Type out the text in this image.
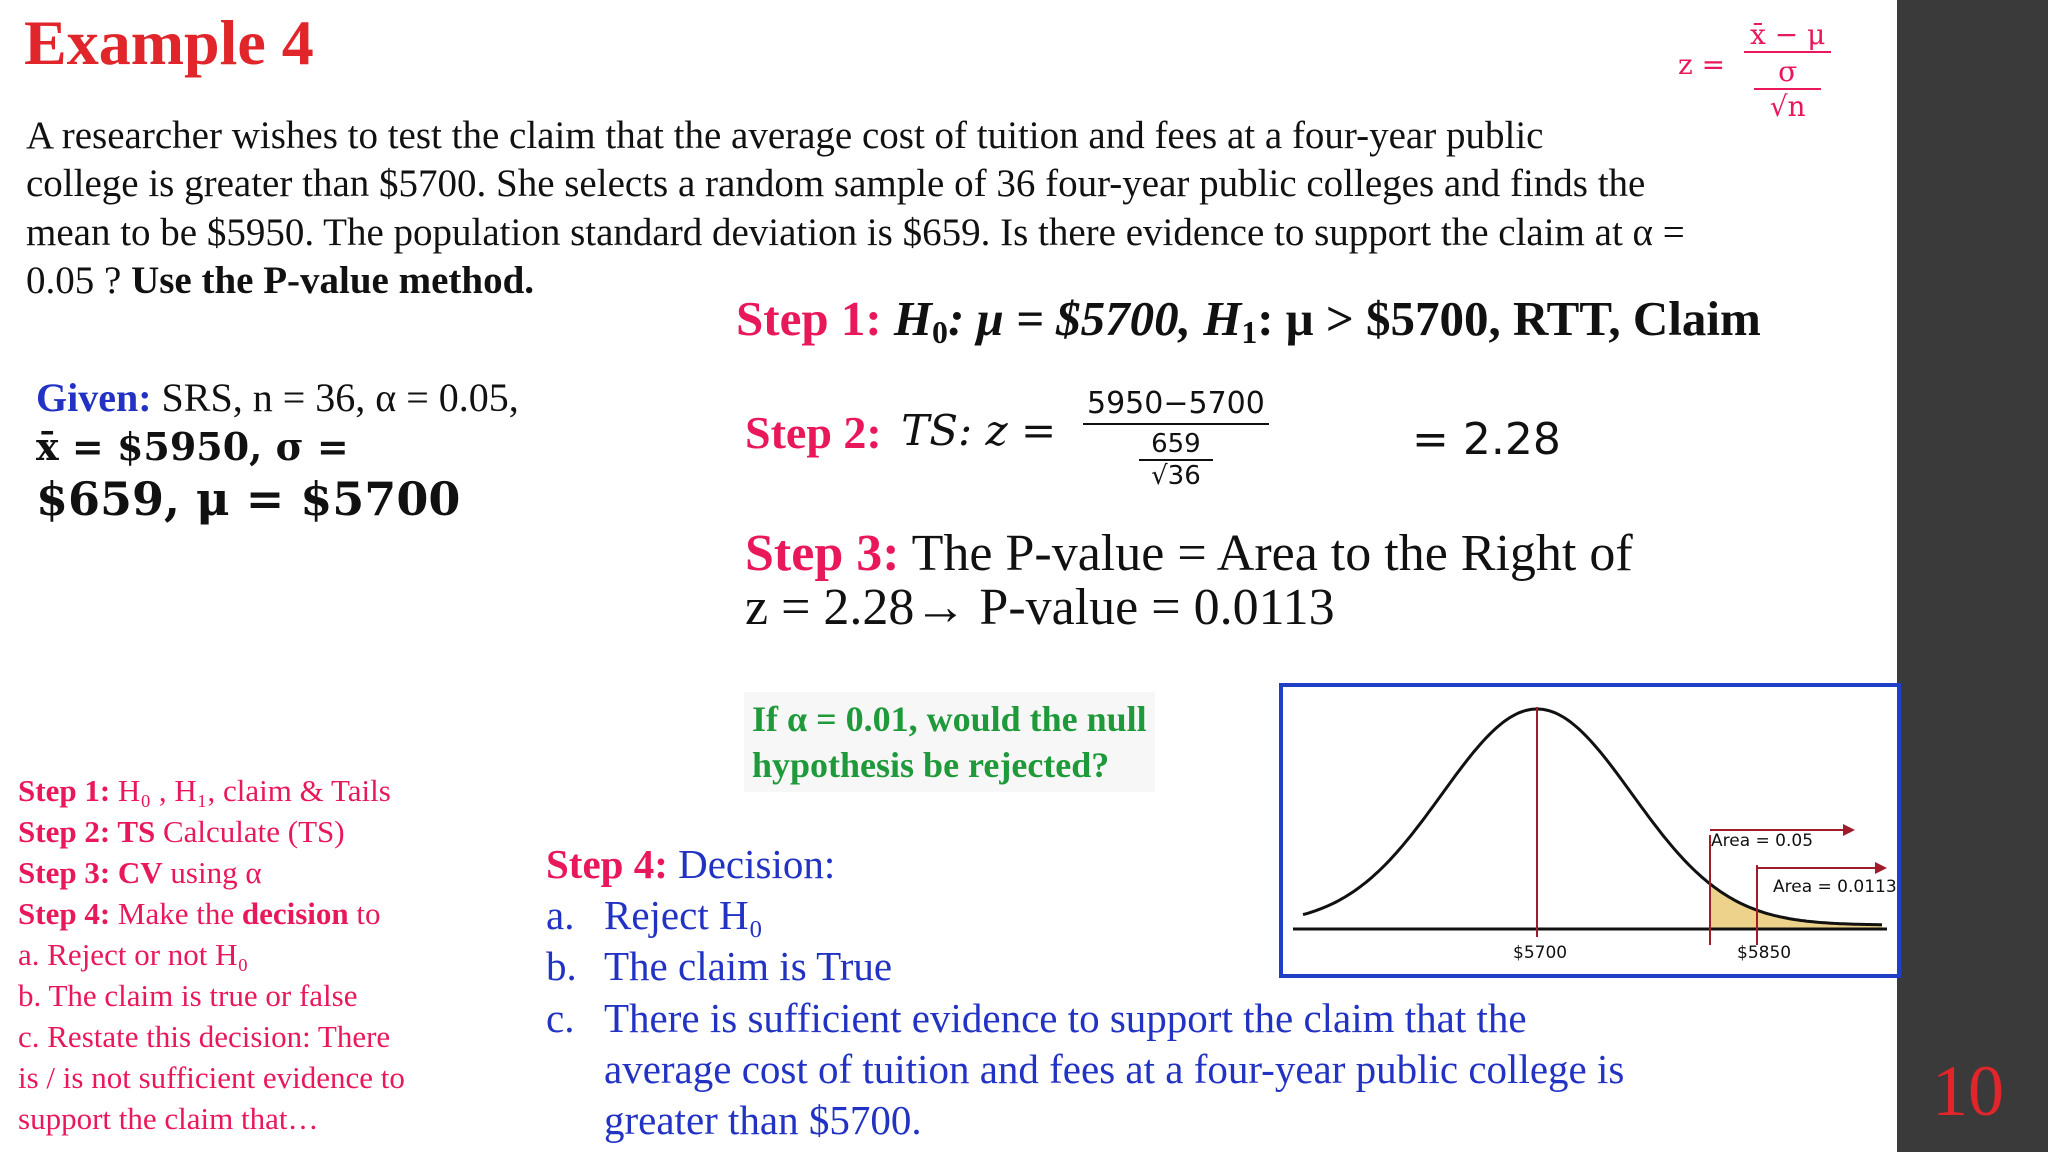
10
Example 4	z =
x̄ − μ
σ
√n
A researcher wishes to test the claim that the average cost of tuition and fees at a four-year public
college is greater than $5700. She selects a random sample of 36 four-year public colleges and finds the
mean to be $5950. The population standard deviation is $659. Is there evidence to support the claim at α =
0.05 ? Use the P-value method.
Step 1: $H_0$: μ = $5700, $H_1$: μ > $5700, RTT, Claim
Given: SRS, n = 36, α = 0.05,
x̄ = $5950, σ =
$659, μ = $5700
Step 2: TS: z =
5950−5700
659
√36
= 2.28
Step 3: The P-value = Area to the Right of
z = 2.28→ P-value = 0.0113
If α = 0.01, would the null
hypothesis be rejected?
Area = 0.05
Area = 0.0113
$5700	$5850
Step 1: H₀ , H₁, claim & Tails
Step 2: TS Calculate (TS)
Step 3: CV using α
Step 4: Make the decision to
a. Reject or not H₀
b. The claim is true or false
c. Restate this decision: There
is / is not sufficient evidence to
support the claim that…
Step 4: Decision:
a. Reject H₀
b. The claim is True
c. There is sufficient evidence to support the claim that the
average cost of tuition and fees at a four-year public college is
greater than $5700.
